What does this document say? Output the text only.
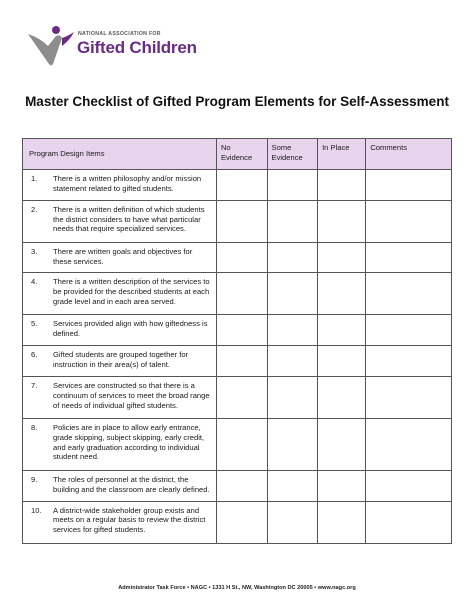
NATIONAL ASSOCIATION FOR
Gifted Children
Master Checklist of Gifted Program Elements for Self-Assessment
Program Design Items	No Evidence	Some Evidence	In Place	Comments

1. There is a written philosophy and/or mission statement related to gifted students.				

2. There is a written definition of which students the district considers to have what particular needs that require specialized services.				

3. There are written goals and objectives for these services.				

4. There is a written description of the services to be provided for the described students at each grade level and in each area served.				

5. Services provided align with how giftedness is defined.				

6. Gifted students are grouped together for instruction in their area(s) of talent.				

7. Services are constructed so that there is a continuum of services to meet the broad range of needs of individual gifted students.				

8. Policies are in place to allow early entrance, grade skipping, subject skipping, early credit, and early graduation according to individual student need.				

9. The roles of personnel at the district, the building and the classroom are clearly defined.				

10. A district-wide stakeholder group exists and meets on a regular basis to review the district services for gifted students.				

Administrator Task Force • NAGC • 1331 H St., NW, Washington DC 20005 • www.nagc.org
